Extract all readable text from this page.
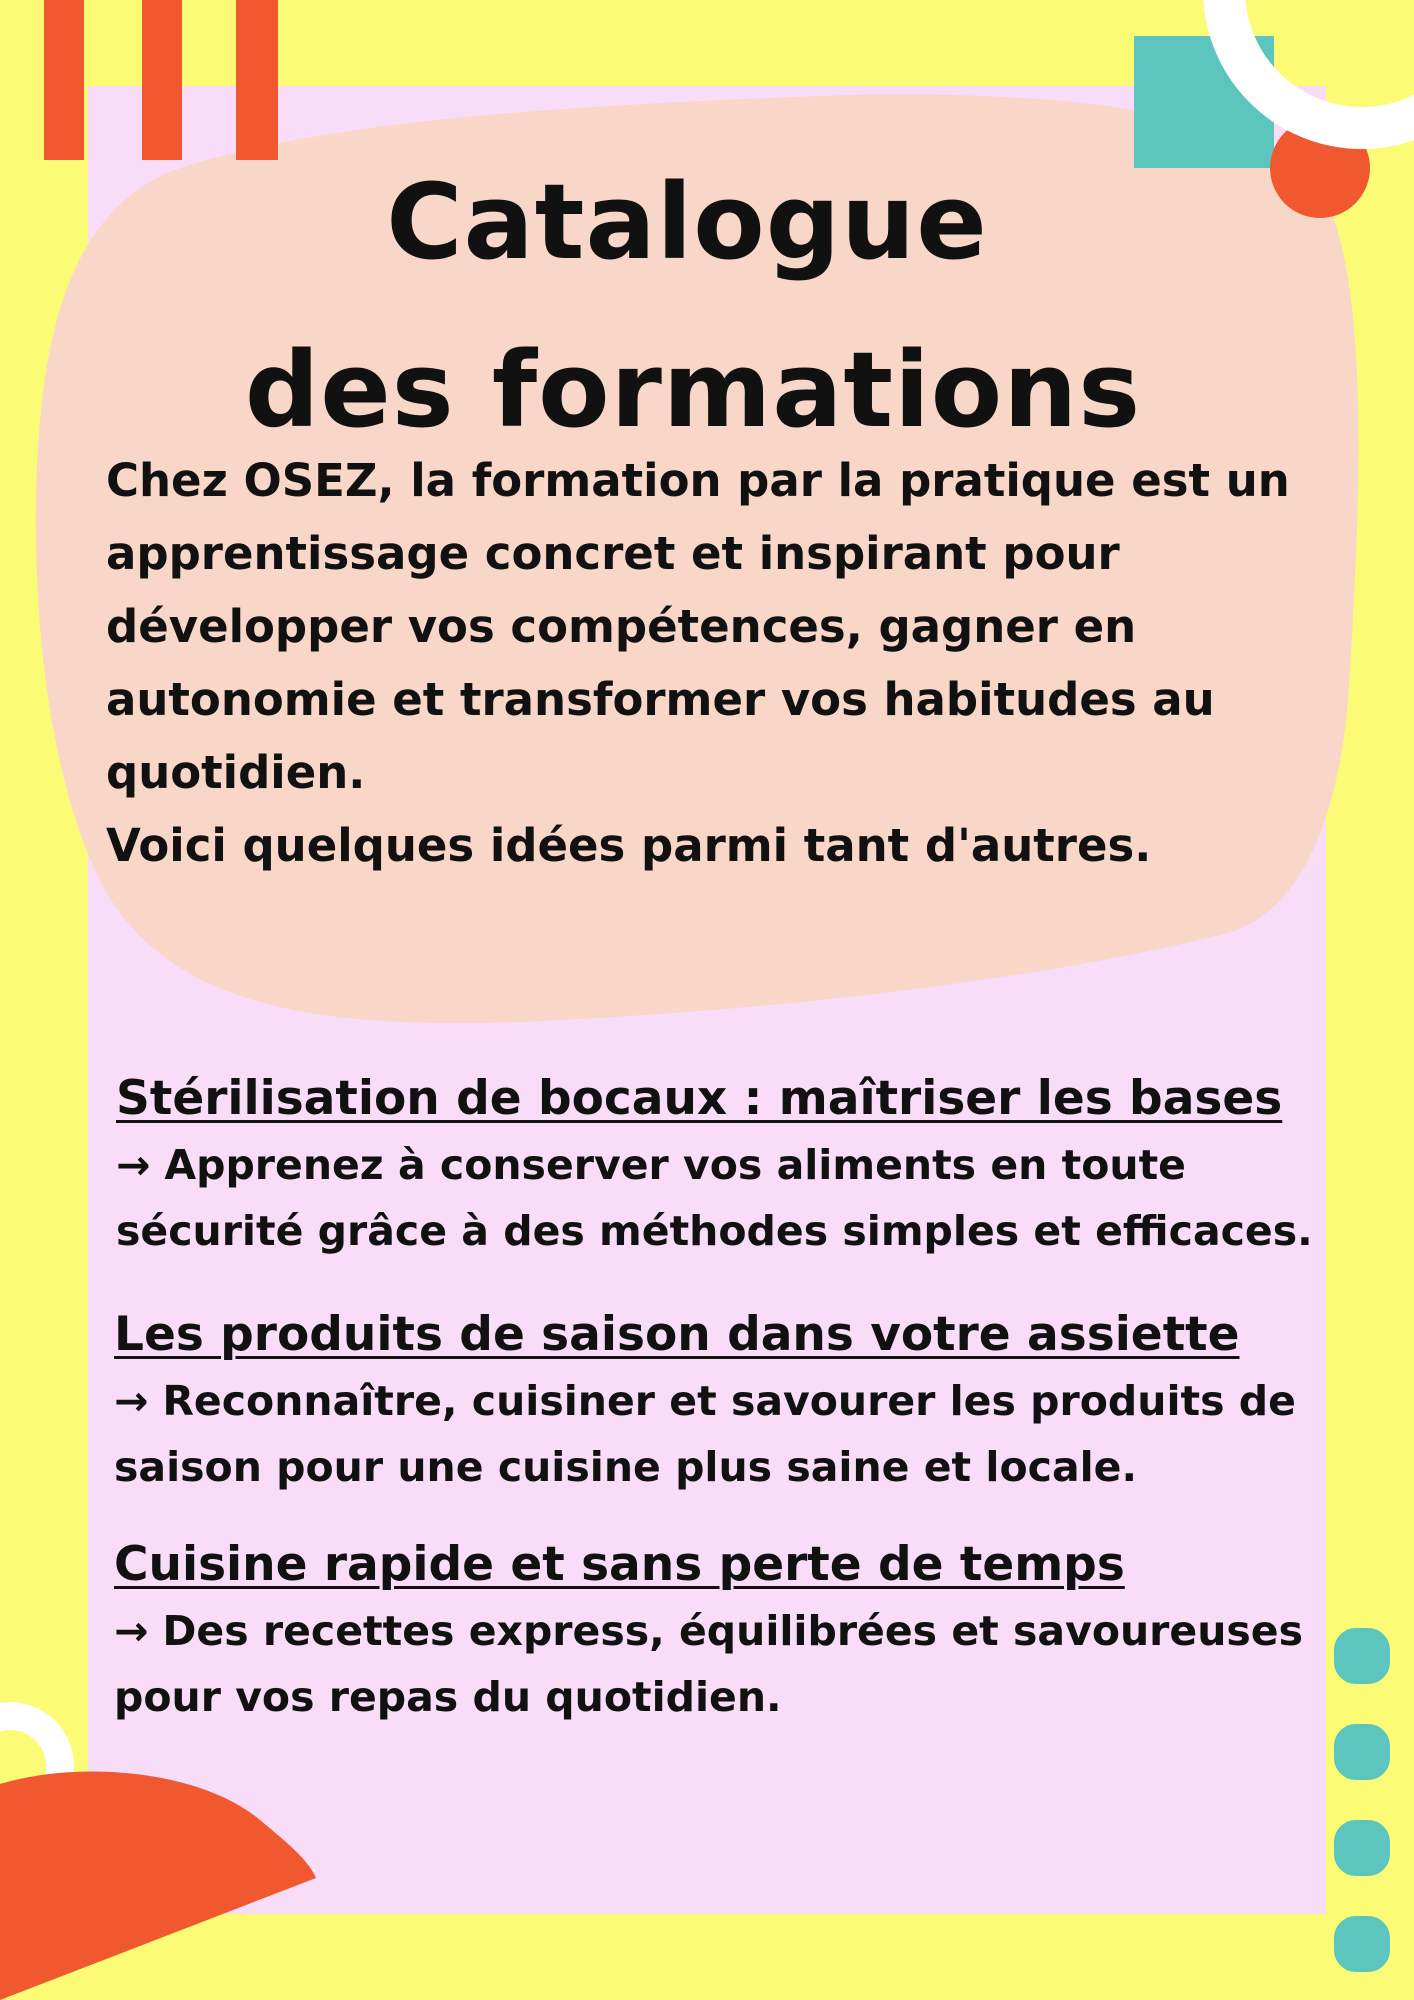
Catalogue
des formations

Chez OSEZ, la formation par la pratique est un apprentissage concret et inspirant pour développer vos compétences, gagner en autonomie et transformer vos habitudes au quotidien.

Voici quelques idées parmi tant d'autres.

Stérilisation de bocaux : maîtriser les bases

→ Apprenez à conserver vos aliments en toute sécurité grâce à des méthodes simples et efficaces.

Les produits de saison dans votre assiette

→ Reconnaître, cuisiner et savourer les produits de saison pour une cuisine plus saine et locale.

Cuisine rapide et sans perte de temps

→ Des recettes express, équilibrées et savoureuses pour vos repas du quotidien.
